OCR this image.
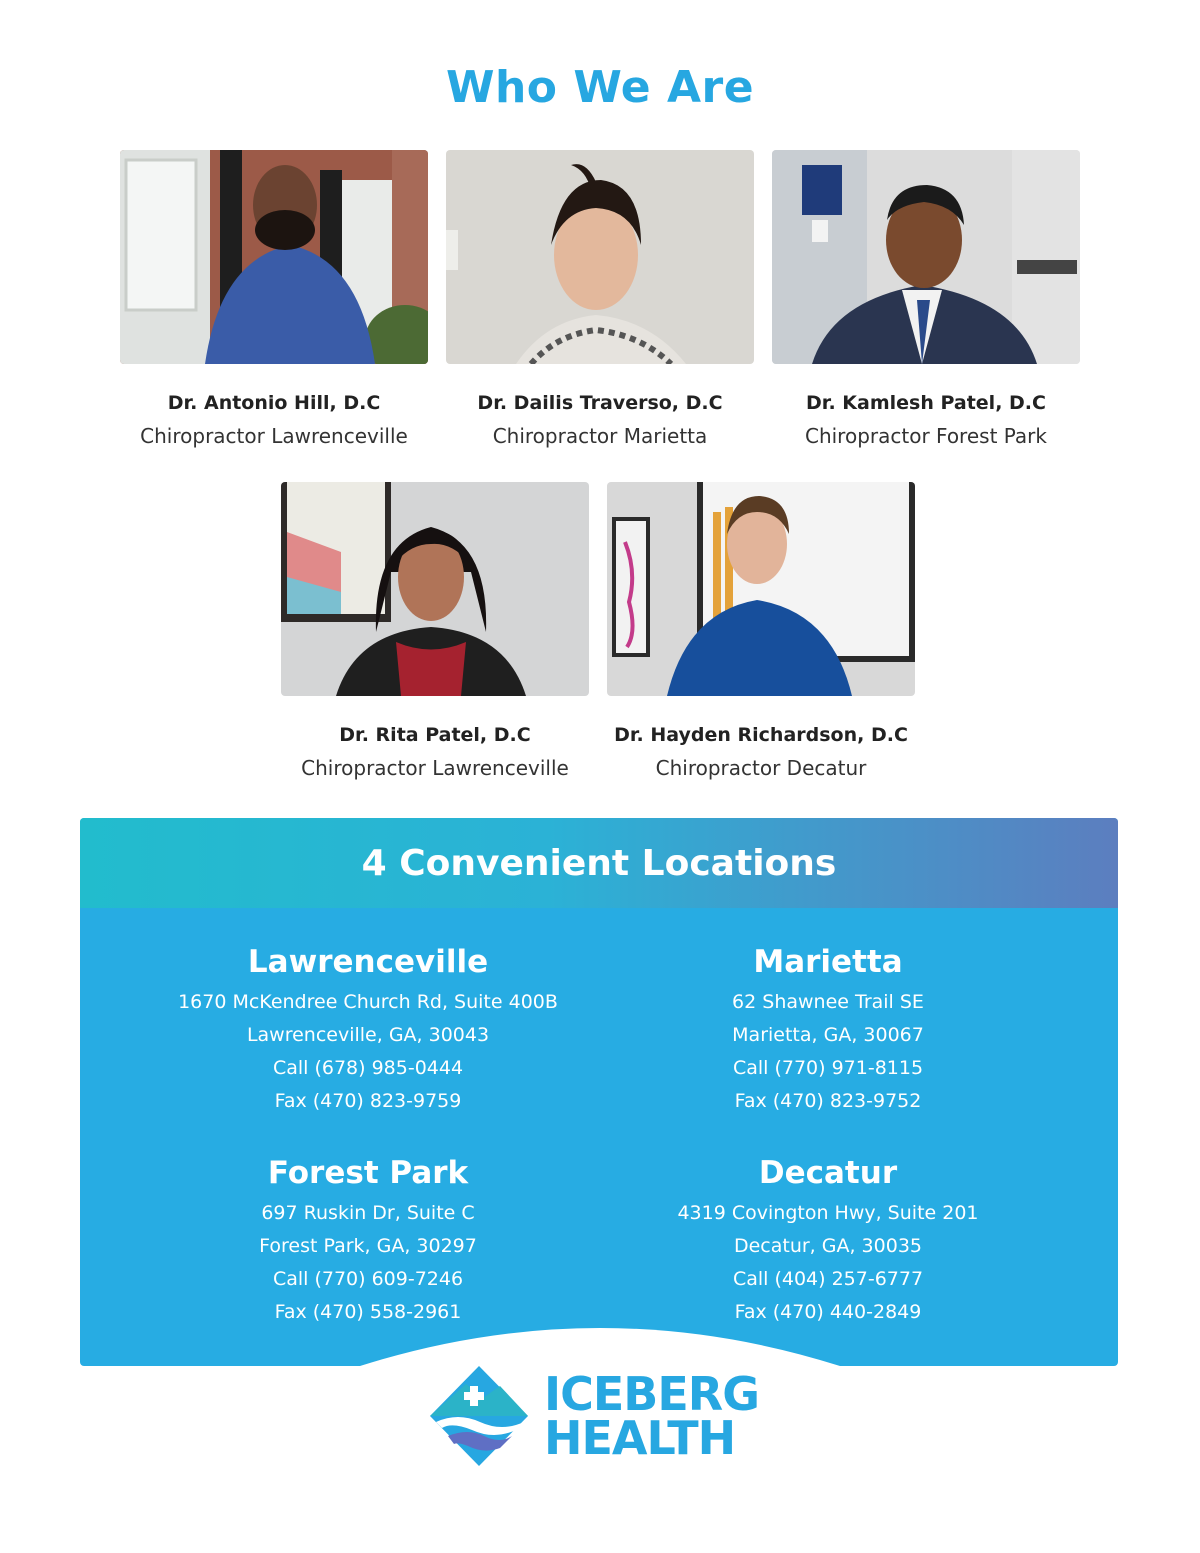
Who We Are
Dr. Antonio Hill, D.C
Chiropractor Lawrenceville
Dr. Dailis Traverso, D.C
Chiropractor Marietta
Dr. Kamlesh Patel, D.C
Chiropractor Forest Park
Dr. Rita Patel, D.C
Chiropractor Lawrenceville
Dr. Hayden Richardson, D.C
Chiropractor Decatur
4 Convenient Locations
Lawrenceville
1670 McKendree Church Rd, Suite 400B
Lawrenceville, GA, 30043
Call (678) 985-0444
Fax (470) 823-9759
Marietta
62 Shawnee Trail SE
Marietta, GA, 30067
Call (770) 971-8115
Fax (470) 823-9752
Forest Park
697 Ruskin Dr, Suite C
Forest Park, GA, 30297
Call (770) 609-7246
Fax (470) 558-2961
Decatur
4319 Covington Hwy, Suite 201
Decatur, GA, 30035
Call (404) 257-6777
Fax (470) 440-2849
ICEBERG
HEALTH
